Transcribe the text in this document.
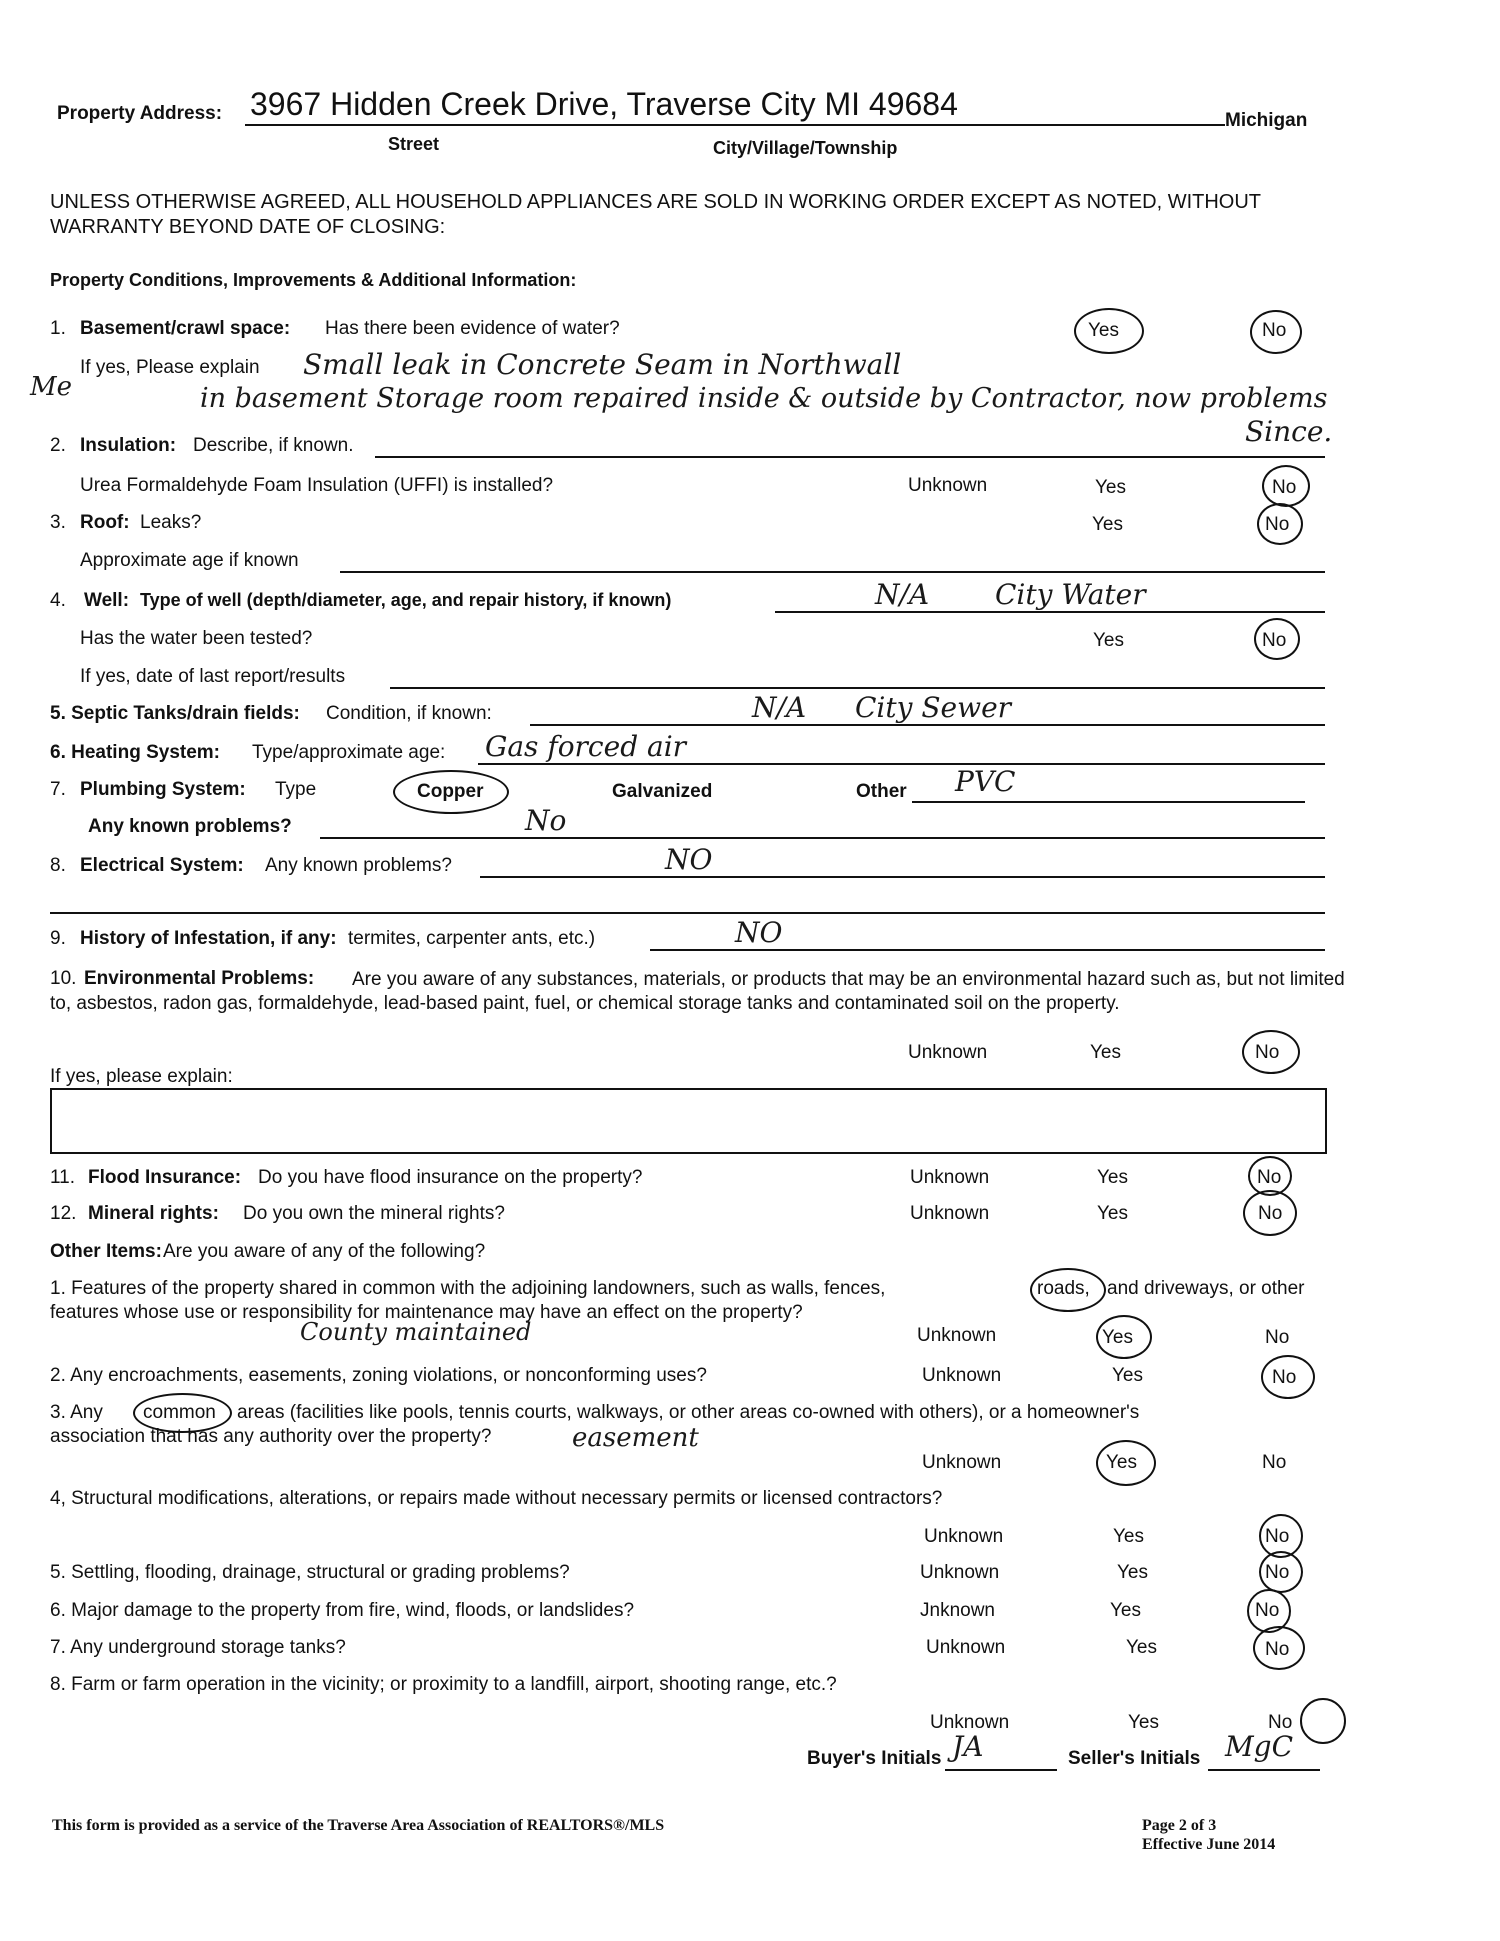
Property Address: 3967 Hidden Creek Drive, Traverse City MI 49684	Michigan
Street	City/Village/Township
UNLESS OTHERWISE AGREED, ALL HOUSEHOLD APPLIANCES ARE SOLD IN WORKING ORDER EXCEPT AS NOTED, WITHOUT WARRANTY BEYOND DATE OF CLOSING:
Property Conditions, Improvements & Additional Information:
1. Basement/crawl space: Has there been evidence of water?	Yes	No
If yes, Please explain Small leak in Concrete Seam in Northwall
Me	in basement Storage room repaired inside & outside by Contractor, now problems
Since.
2. Insulation: Describe, if known.
Urea Formaldehyde Foam Insulation (UFFI) is installed?	Unknown	Yes	No
3. Roof: Leaks?	Yes	No
Approximate age if known
4. Well: Type of well (depth/diameter, age, and repair history, if known)	N/A City Water
Has the water been tested?	Yes	No
If yes, date of last report/results
5. Septic Tanks/drain fields: Condition, if known:	N/A City Sewer
6. Heating System: Type/approximate age: Gas forced air
7. Plumbing System: Type	Copper	Galvanized	Other PVC
Any known problems?	No
8. Electrical System: Any known problems?	NO
9. History of Infestation, if any: termites, carpenter ants, etc.)	NO
10. Environmental Problems:	Are you aware of any substances, materials, or products that may be an environmental hazard such as, but not limited to, asbestos, radon gas, formaldehyde, lead-based paint, fuel, or chemical storage tanks and contaminated soil on the property.
Unknown	Yes	No
If yes, please explain:
11. Flood Insurance: Do you have flood insurance on the property?	Unknown	Yes	No
12. Mineral rights: Do you own the mineral rights?	Unknown	Yes	No
Other Items: Are you aware of any of the following?
1. Features of the property shared in common with the adjoining landowners, such as walls, fences,	roads, and driveways, or other
features whose use or responsibility for maintenance may have an effect on the property?
County maintained	Unknown	Yes	No
2. Any encroachments, easements, zoning violations, or nonconforming uses?	Unknown	Yes	No
3. Any common areas (facilities like pools, tennis courts, walkways, or other areas co-owned with others), or a homeowner's
association that has any authority over the property?	easement
Unknown	Yes	No
4, Structural modifications, alterations, or repairs made without necessary permits or licensed contractors?
Unknown	Yes	No
5. Settling, flooding, drainage, structural or grading problems?	Unknown	Yes	No
6. Major damage to the property from fire, wind, floods, or landslides?	Jnknown	Yes	No
7. Any underground storage tanks?	Unknown	Yes	No
8. Farm or farm operation in the vicinity; or proximity to a landfill, airport, shooting range, etc.?
Unknown	Yes	No
Buyer's Initials JA	Seller's Initials MgC
This form is provided as a service of the Traverse Area Association of REALTORS®/MLS	Page 2 of 3
Effective June 2014
